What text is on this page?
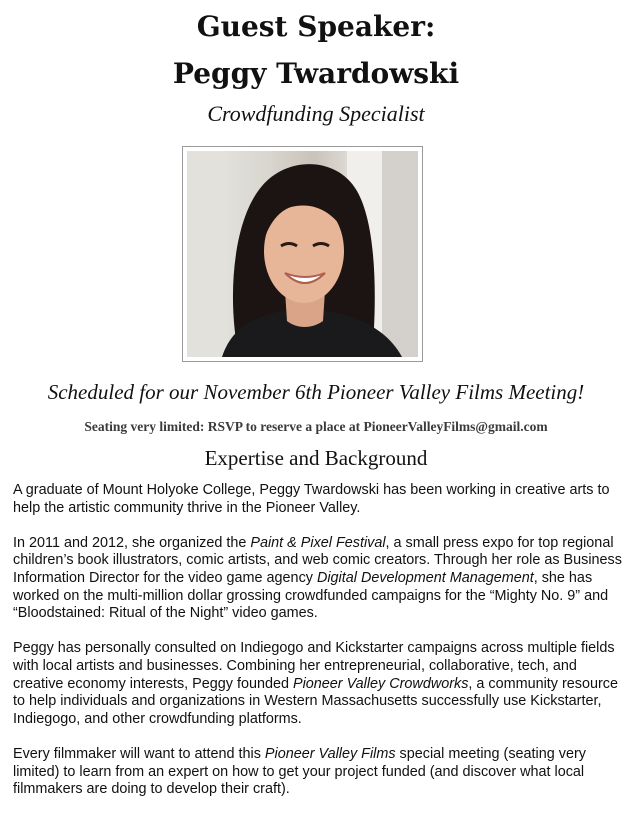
Guest Speaker:
Peggy Twardowski
Crowdfunding Specialist
Scheduled for our November 6th Pioneer Valley Films Meeting!
Seating very limited: RSVP to reserve a place at PioneerValleyFilms@gmail.com
Expertise and Background

A graduate of Mount Holyoke College, Peggy Twardowski has been working in creative arts to help the artistic community thrive in the Pioneer Valley.

In 2011 and 2012, she organized the Paint & Pixel Festival, a small press expo for top regional children’s book illustrators, comic artists, and web comic creators. Through her role as Business Information Director for the video game agency Digital Development Management, she has worked on the multi-million dollar grossing crowdfunded campaigns for the “Mighty No. 9” and “Bloodstained: Ritual of the Night” video games.

Peggy has personally consulted on Indiegogo and Kickstarter campaigns across multiple fields with local artists and businesses. Combining her entrepreneurial, collaborative, tech, and creative economy interests, Peggy founded Pioneer Valley Crowdworks, a community resource to help individuals and organizations in Western Massachusetts successfully use Kickstarter, Indiegogo, and other crowdfunding platforms.

Every filmmaker will want to attend this Pioneer Valley Films special meeting (seating very limited) to learn from an expert on how to get your project funded (and discover what local filmmakers are doing to develop their craft).
